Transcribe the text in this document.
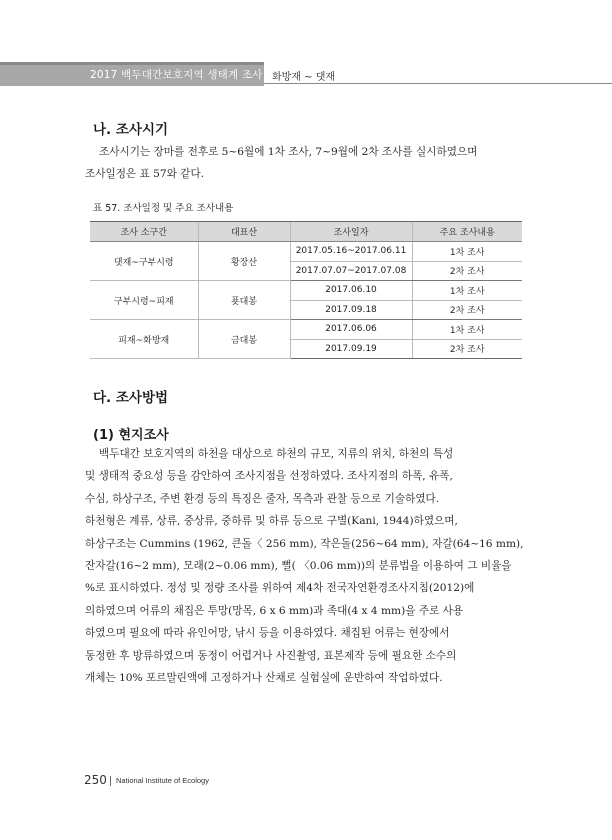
2017 백두대간보호지역 생태계 조사 화방재 ~ 댓재
나. 조사시기

조사시기는 장마를 전후로 5~6월에 1차 조사, 7~9월에 2차 조사를 실시하였으며
조사일정은 표 57와 같다.

표 57. 조사일정 및 주요 조사내용
조사 소구간	대표산	조사일자	주요 조사내용
댓재~구부시령	황장산	2017.05.16~2017.06.11	1차 조사
		2017.07.07~2017.07.08	2차 조사
구부시령~피재	푯대봉	2017.06.10	1차 조사
		2017.09.18	2차 조사
피재~화방재	금대봉	2017.06.06	1차 조사
		2017.09.19	2차 조사
다. 조사방법
(1) 현지조사

백두대간 보호지역의 하천을 대상으로 하천의 규모, 지류의 위치, 하천의 특성
및 생태적 중요성 등을 감안하여 조사지점을 선정하였다. 조사지점의 하폭, 유폭,
수심, 하상구조, 주변 환경 등의 특징은 줄자, 목측과 관찰 등으로 기술하였다.
하천형은 계류, 상류, 중상류, 중하류 및 하류 등으로 구별(Kani, 1944)하였으며,
하상구조는 Cummins (1962, 큰돌〈 256 mm), 작은돌(256~64 mm), 자갈(64~16 mm),
잔자갈(16~2 mm), 모래(2~0.06 mm), 뻘( 〈0.06 mm))의 분류법을 이용하여 그 비율을
%로 표시하였다. 정성 및 정량 조사를 위하여 제4차 전국자연환경조사지침(2012)에
의하였으며 어류의 채집은 투망(망목, 6 x 6 mm)과 족대(4 x 4 mm)을 주로 사용
하였으며 필요에 따라 유인어망, 낚시 등을 이용하였다. 채집된 어류는 현장에서
동정한 후 방류하였으며 동정이 어렵거나 사진촬영, 표본제작 등에 필요한 소수의
개체는 10% 포르말린액에 고정하거나 산채로 실험실에 운반하여 작업하였다.

250 National Institute of Ecology
